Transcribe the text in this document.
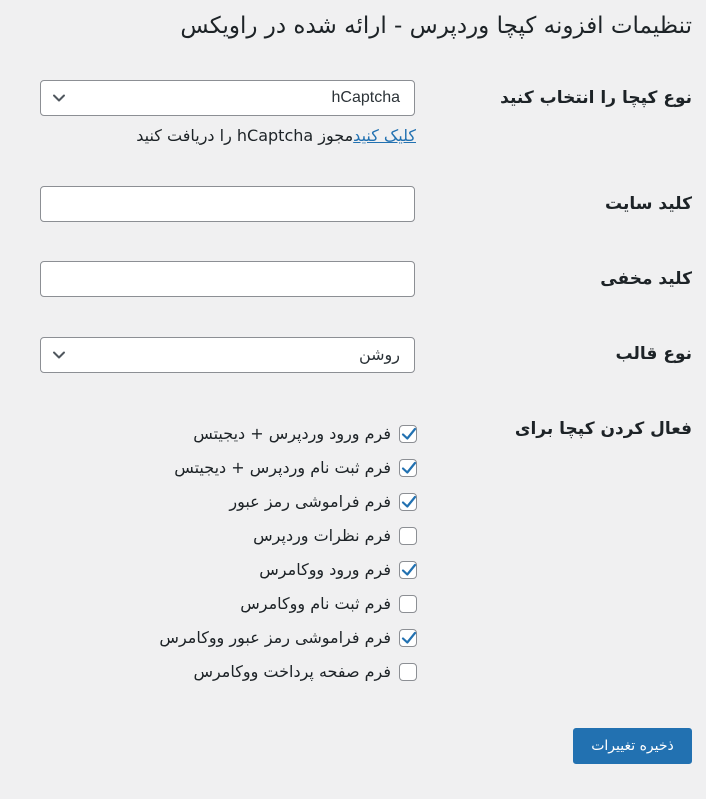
تنظیمات افزونه کپچا وردپرس - ارائه شده در راویکس
نوع کپچا را انتخاب کنید
hCaptcha
کلیک کنیدمجوز hCaptcha را دریافت کنید
کلید سایت
کلید مخفی
نوع قالب
روشن
فعال کردن کپچا برای
فرم ورود وردپرس + دیجیتس
فرم ثبت نام وردپرس + دیجیتس
فرم فراموشی رمز عبور
فرم نظرات وردپرس
فرم ورود ووکامرس
فرم ثبت نام ووکامرس
فرم فراموشی رمز عبور ووکامرس
فرم صفحه پرداخت ووکامرس
ذخیره تغییرات
